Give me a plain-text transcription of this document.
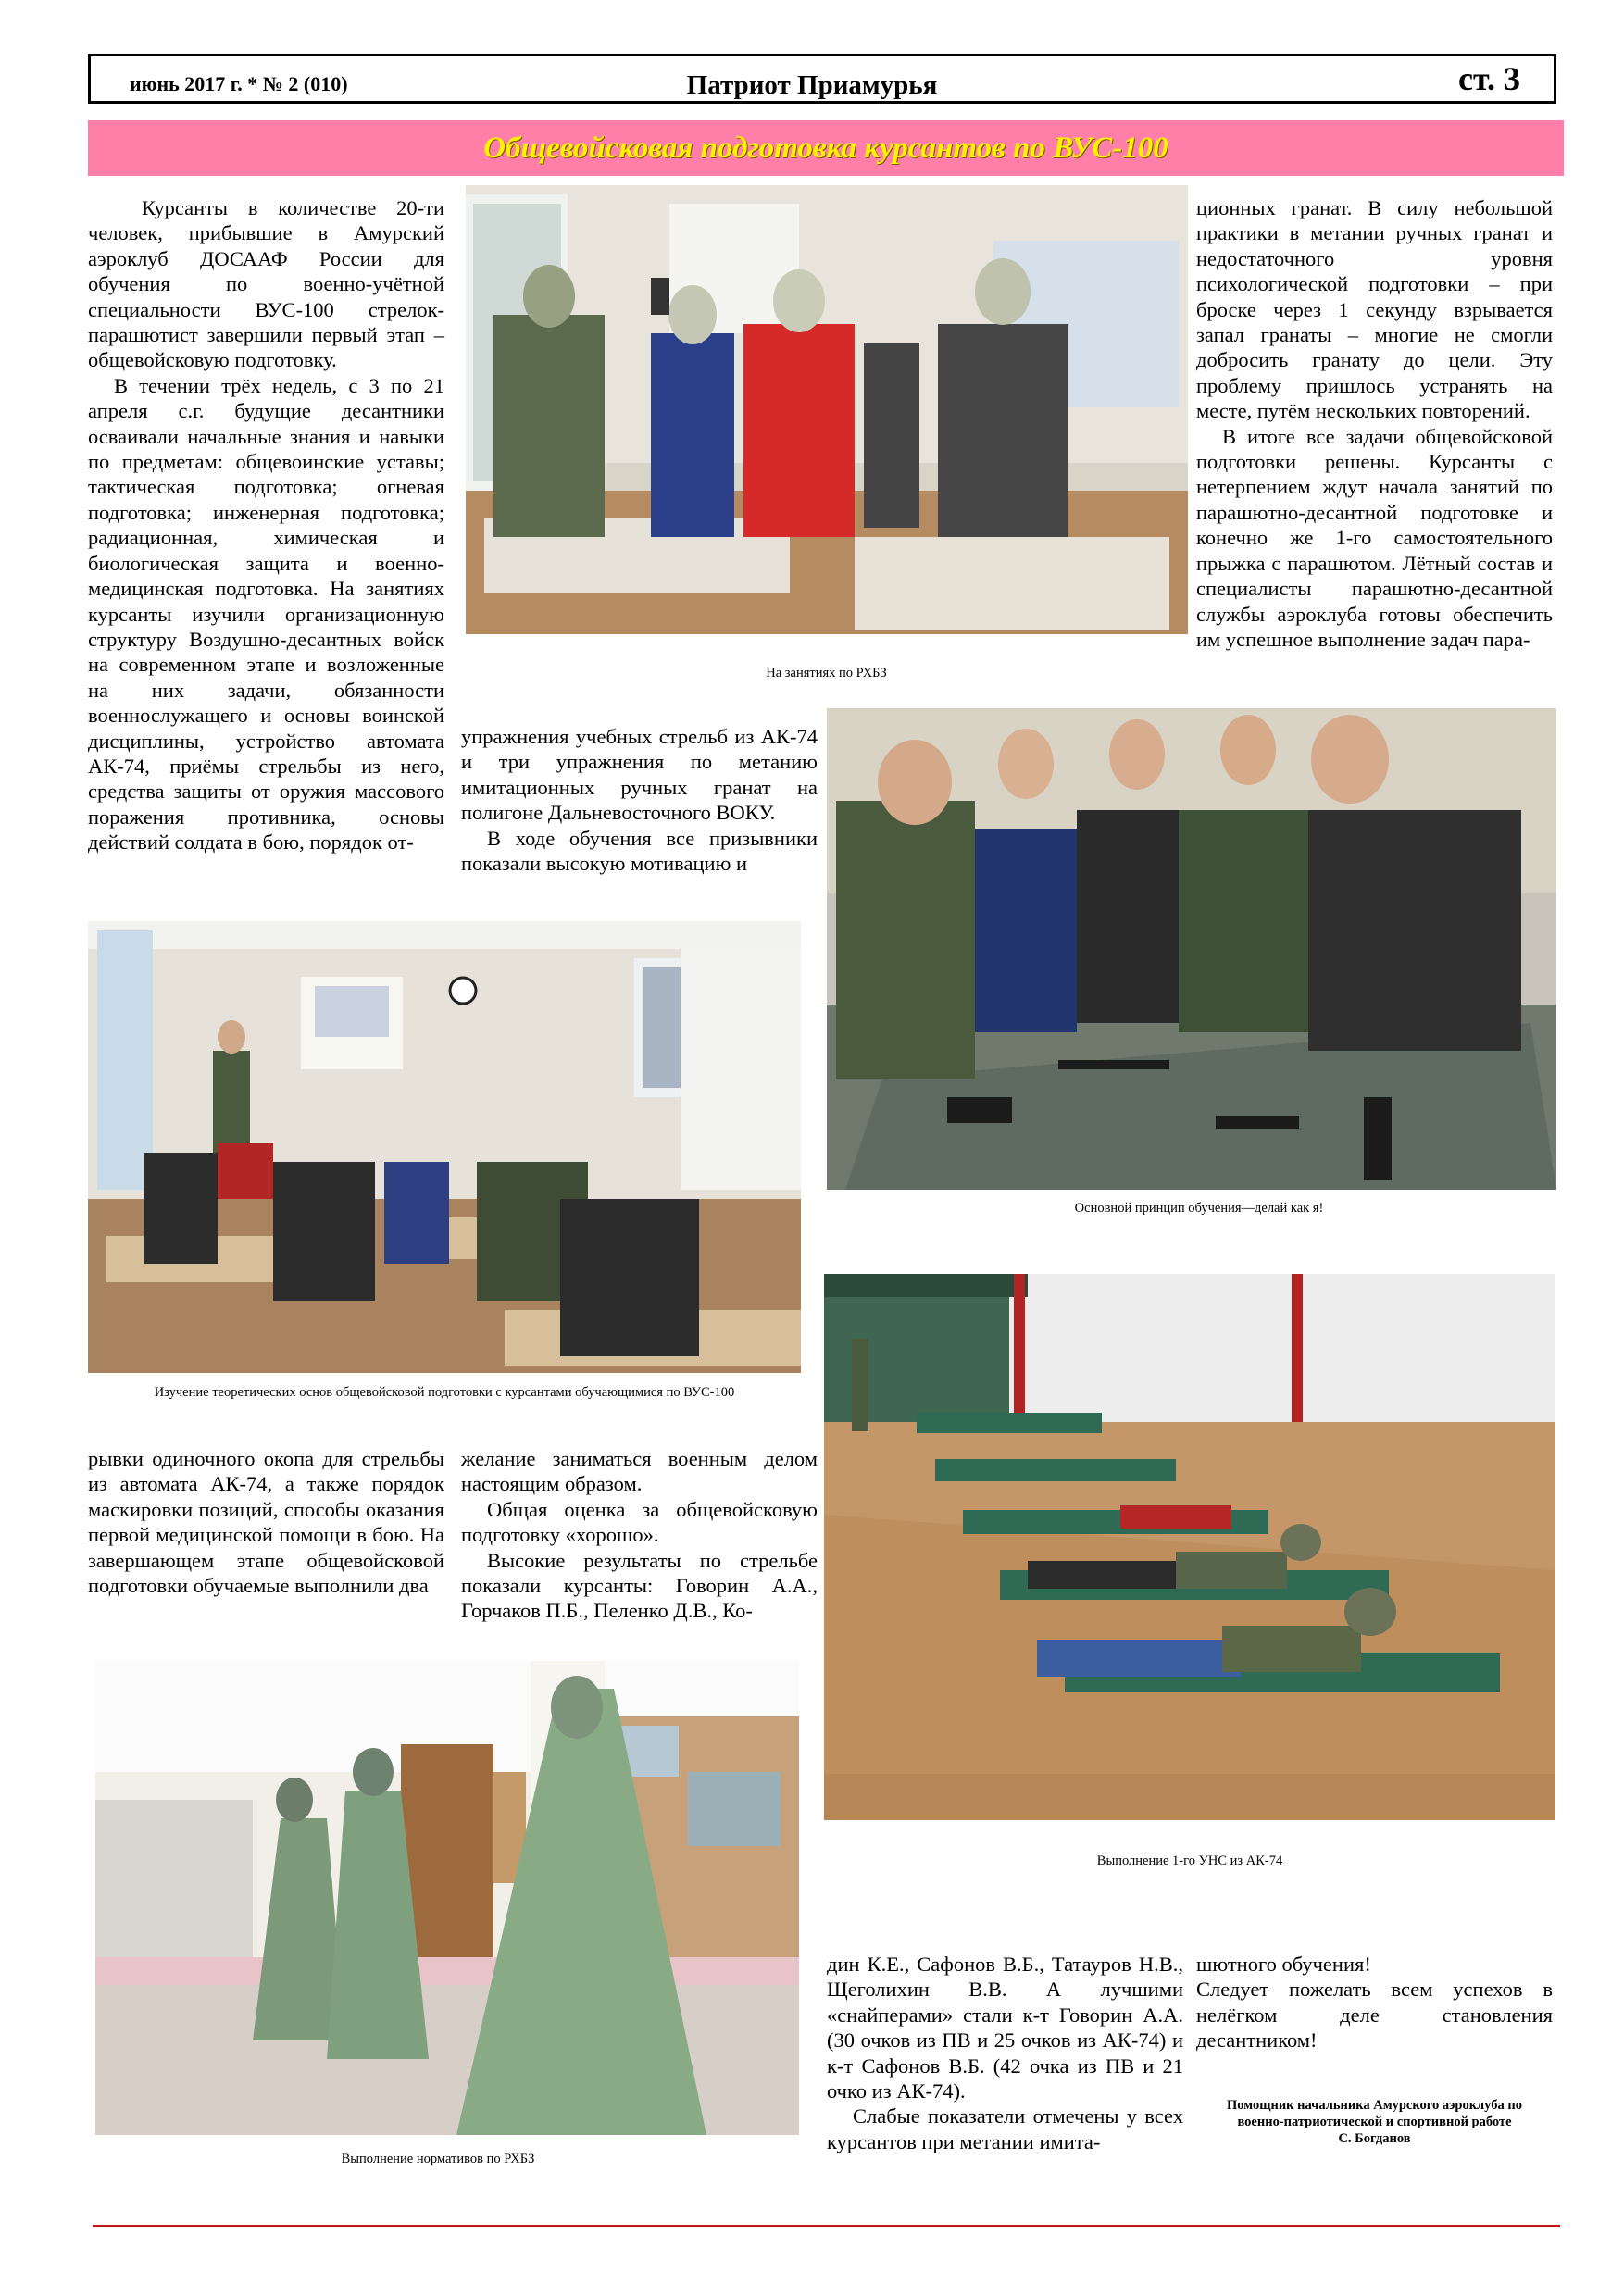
июнь 2017 г. * № 2 (010)	Патриот Приамурья	ст. 3
Общевойсковая подготовка курсантов по ВУС-100

Курсанты в количестве 20-ти человек, прибывшие в Амурский аэроклуб ДОСААФ России для обучения по военно-учётной специальности ВУС-100 стрелок-парашютист завершили первый этап – общевойсковую подготовку.

В течении трёх недель, с 3 по 21 апреля с.г. будущие десантники осваивали начальные знания и навыки по предметам: общевоинские уставы; тактическая подготовка; огневая подготовка; инженерная подготовка; радиационная, химическая и биологическая защита и военно-медицинская подготовка. На занятиях курсанты изучили организационную структуру Воздушно-десантных войск на современном этапе и возложенные на них задачи, обязанности военнослужащего и основы воинской дисциплины, устройство автомата АК-74, приёмы стрельбы из него, средства защиты от оружия массового поражения противника, основы действий солдата в бою, порядок от-

упражнения учебных стрельб из АК-74 и три упражнения по метанию имитационных ручных гранат на полигоне Дальневосточного ВОКУ.

В ходе обучения все призывники показали высокую мотивацию и

ционных гранат. В силу небольшой практики в метании ручных гранат и недостаточного уровня психологической подготовки – при броске через 1 секунду взрывается запал гранаты – многие не смогли добросить гранату до цели. Эту проблему пришлось устранять на месте, путём нескольких повторений.

В итоге все задачи общевойсковой подготовки решены. Курсанты с нетерпением ждут начала занятий по парашютно-десантной подготовке и конечно же 1-го самостоятельного прыжка с парашютом. Лётный состав и специалисты парашютно-десантной службы аэроклуба готовы обеспечить им успешное выполнение задач пара-

рывки одиночного окопа для стрельбы из автомата АК-74, а также порядок маскировки позиций, способы оказания первой медицинской помощи в бою. На завершающем этапе общевойсковой подготовки обучаемые выполнили два

желание заниматься военным делом настоящим образом.

Общая оценка за общевойсковую подготовку «хорошо».

Высокие результаты по стрельбе показали курсанты: Говорин А.А., Горчаков П.Б., Пеленко Д.В., Ко-

дин К.Е., Сафонов В.Б., Татауров Н.В., Щеголихин В.В. А лучшими «снайперами» стали к-т Говорин А.А. (30 очков из ПВ и 25 очков из АК-74) и к-т Сафонов В.Б. (42 очка из ПВ и 21 очко из АК-74).

Слабые показатели отмечены у всех курсантов при метании имита-

шютного обучения!

Следует пожелать всем успехов в нелёгком деле становления десантником!

На занятиях по РХБЗ
Основной принцип обучения—делай как я!
Изучение теоретических основ общевойсковой подготовки с курсантами обучающимися по ВУС-100
Выполнение 1-го УНС из АК-74
Выполнение нормативов по РХБЗ
Помощник начальника Амурского аэроклуба по
военно-патриотической и спортивной работе
С. Богданов
